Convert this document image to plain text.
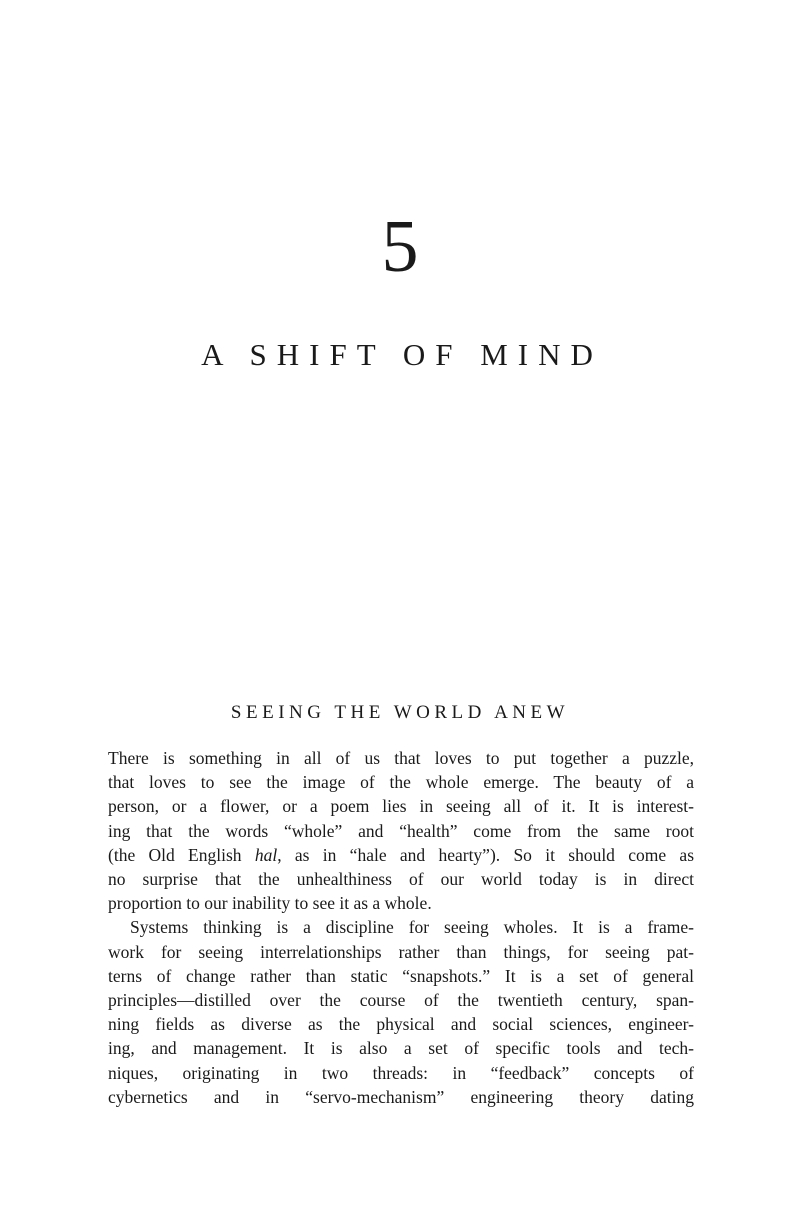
5
A SHIFT OF MIND
SEEING THE WORLD ANEW
There is something in all of us that loves to put together a puzzle,
that loves to see the image of the whole emerge. The beauty of a
person, or a flower, or a poem lies in seeing all of it. It is interest-
ing that the words “whole” and “health” come from the same root
(the Old English hal, as in “hale and hearty”). So it should come as
no surprise that the unhealthiness of our world today is in direct
proportion to our inability to see it as a whole.
Systems thinking is a discipline for seeing wholes. It is a frame-
work for seeing interrelationships rather than things, for seeing pat-
terns of change rather than static “snapshots.” It is a set of general
principles—distilled over the course of the twentieth century, span-
ning fields as diverse as the physical and social sciences, engineer-
ing, and management. It is also a set of specific tools and tech-
niques, originating in two threads: in “feedback” concepts of
cybernetics and in “servo-mechanism” engineering theory dating
